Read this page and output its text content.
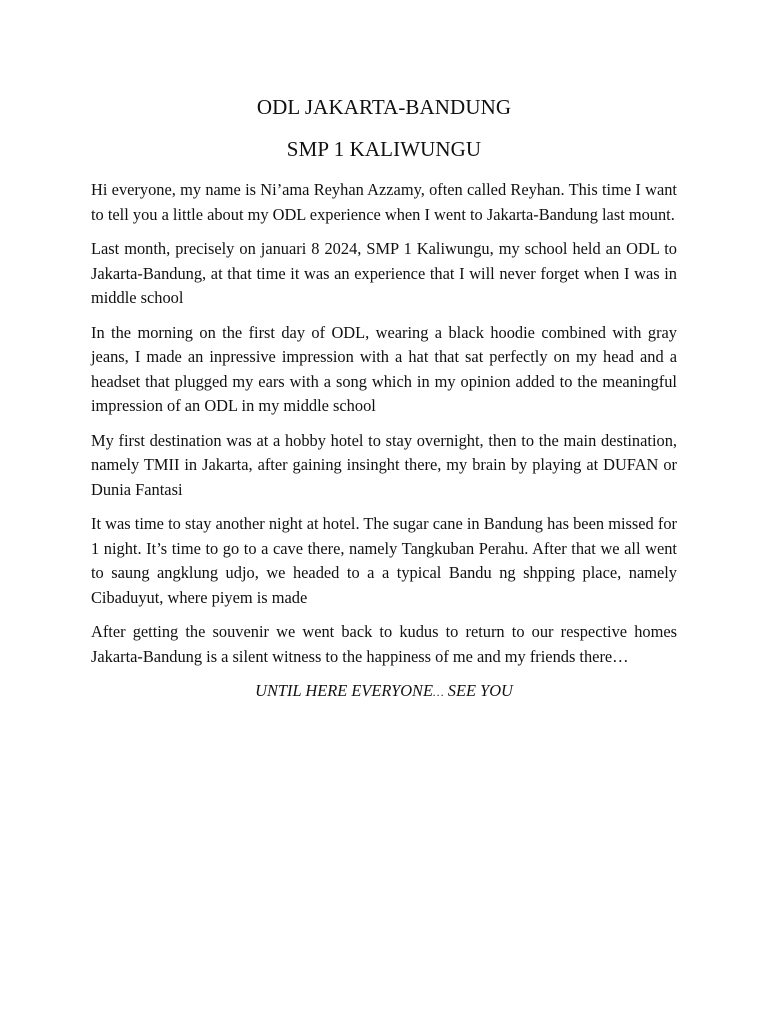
ODL JAKARTA-BANDUNG
SMP 1 KALIWUNGU

Hi everyone, my name is Ni’ama Reyhan Azzamy, often called Reyhan. This time I want to tell you a little about my ODL experience when I went to Jakarta-Bandung last mount.

Last month, precisely on januari 8 2024, SMP 1 Kaliwungu, my school held an ODL to Jakarta-Bandung, at that time it was an experience that I will never forget when I was in middle school

In the morning on the first day of ODL, wearing a black hoodie combined with gray jeans, I made an inpressive impression with a hat that sat perfectly on my head and a headset that plugged my ears with a song which in my opinion added to the meaningful impression of an ODL in my middle school

My first destination was at a hobby hotel to stay overnight, then to the main destination, namely TMII in Jakarta, after gaining insinght there, my brain by playing at DUFAN or Dunia Fantasi

It was time to stay another night at hotel. The sugar cane in Bandung has been missed for 1 night. It’s time to go to a cave there, namely Tangkuban Perahu. After that we all went to saung angklung udjo, we headed to a a typical Bandu ng shpping place, namely Cibaduyut, where piyem is made

After getting the souvenir we went back to kudus to return to our respective homes Jakarta-Bandung is a silent witness to the happiness of me and my friends there…

UNTIL HERE EVERYONE… SEE YOU
